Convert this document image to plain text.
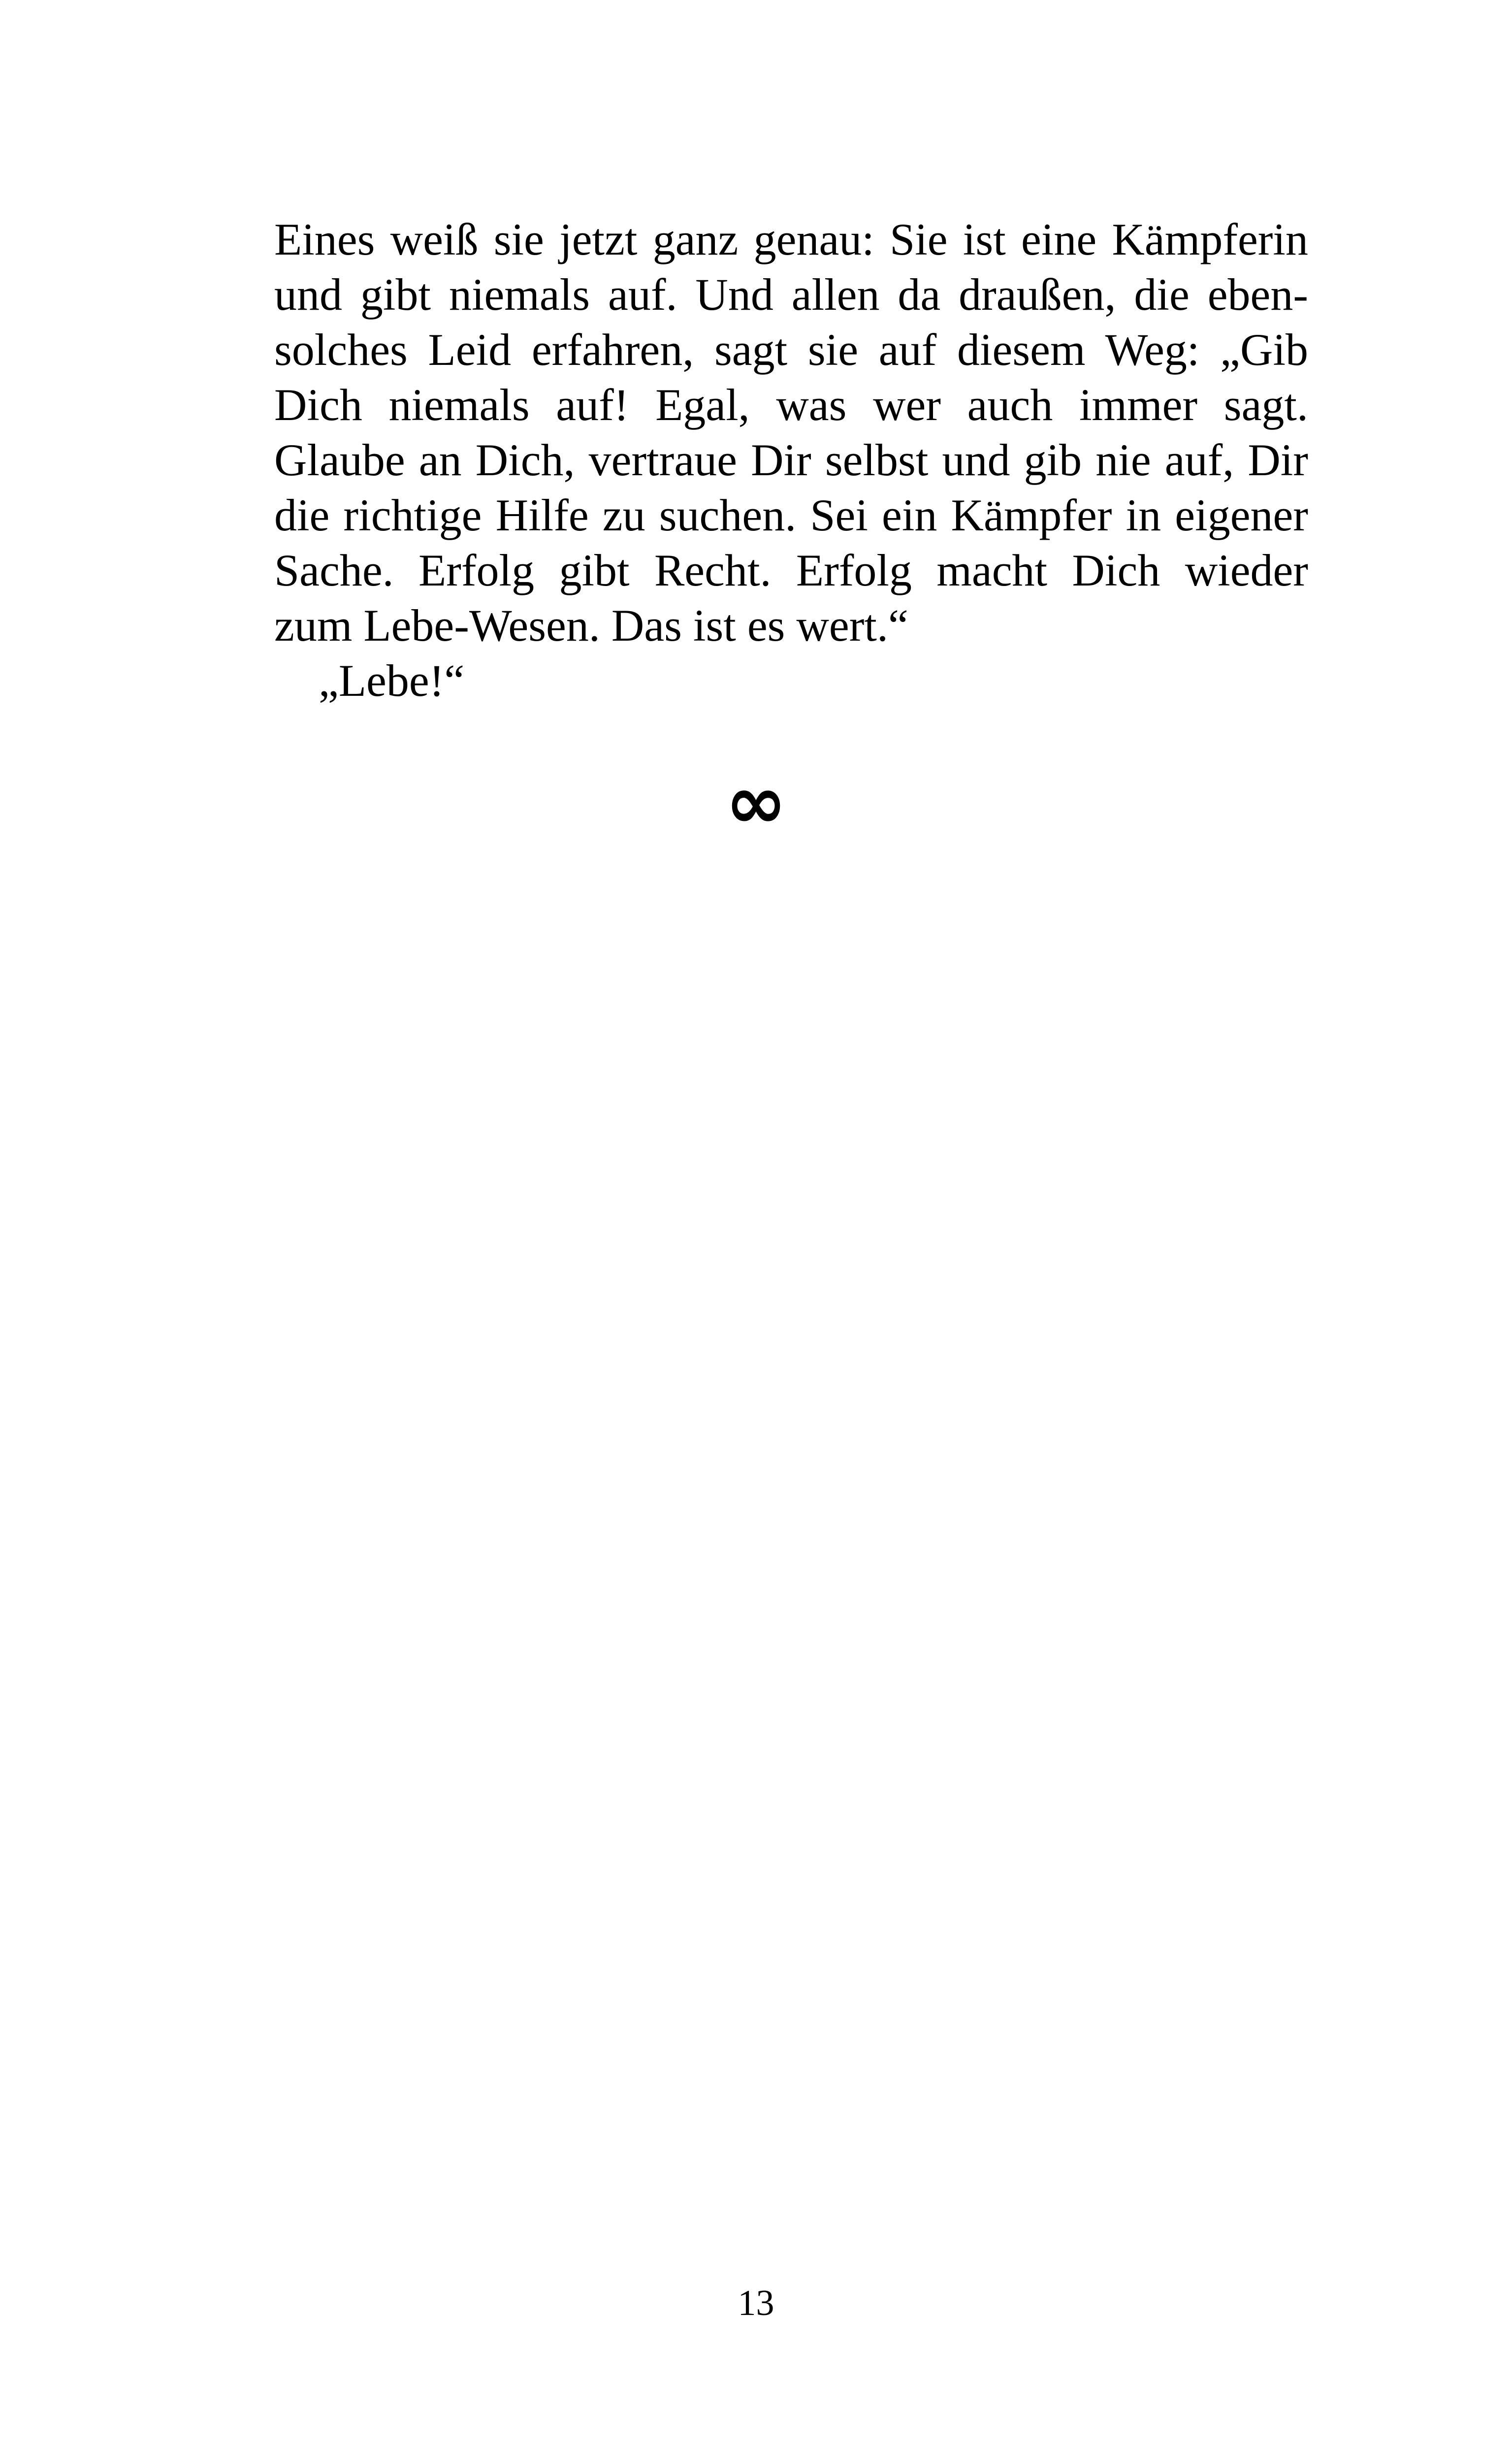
Eines weiß sie jetzt ganz genau: Sie ist eine Kämpferin
und gibt niemals auf. Und allen da draußen, die eben-
solches Leid erfahren, sagt sie auf diesem Weg: „Gib
Dich niemals auf! Egal, was wer auch immer sagt.
Glaube an Dich, vertraue Dir selbst und gib nie auf, Dir
die richtige Hilfe zu suchen. Sei ein Kämpfer in eigener
Sache. Erfolg gibt Recht. Erfolg macht Dich wieder
zum Lebe-Wesen. Das ist es wert.“
„Lebe!“
∞
13
